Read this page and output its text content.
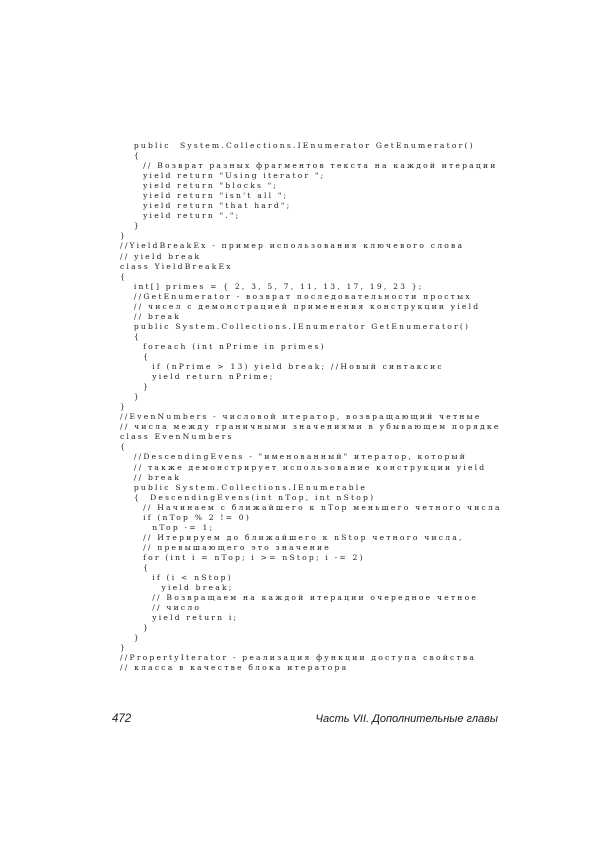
public  System.Collections.IEnumerator GetEnumerator()
{
// Возврат разных фрагментов текста на каждой итерации
yield return "Using iterator ";
yield return "blocks ";
yield return "isn't all ";
yield return "that hard";
yield return ".";
}
}
//YieldBreakEx - пример использования ключевого слова
// yield break
class YieldBreakEx
{
int[] primes = { 2, 3, 5, 7, 11, 13, 17, 19, 23 };
//GetEnumerator - возврат последовательности простых
// чисел с демонстрацией применения конструкции yield
// break
public System.Collections.IEnumerator GetEnumerator()
{
foreach (int nPrime in primes)
{
if (nPrime > 13) yield break; //Новый синтаксис
yield return nPrime;
}
}
}
//EvenNumbers - числовой итератор, возвращающий четные
// числа между граничными значениями в убывающем порядке
class EvenNumbers
{
//DescendingEvens - "именованный" итератор, который
// также демонстрирует использование конструкции yield
// break
public System.Collections.IEnumerable
{  DescendingEvens(int nTop, int nStop)
// Начинаем с ближайшего к nTop меньшего четного числа
if (nTop % 2 != 0)
nTop -= 1;
// Итерируем до ближайшего к nStop четного числа,
// превышающего это значение
for (int i = nTop; i >= nStop; i -= 2)
{
if (i < nStop)
yield break;
// Возвращаем на каждой итерации очередное четное
// число
yield return i;
}
}
}
//PropertyIterator - реализация функции доступа свойства
// класса в качестве блока итератора
472	Часть VII. Дополнительные главы
